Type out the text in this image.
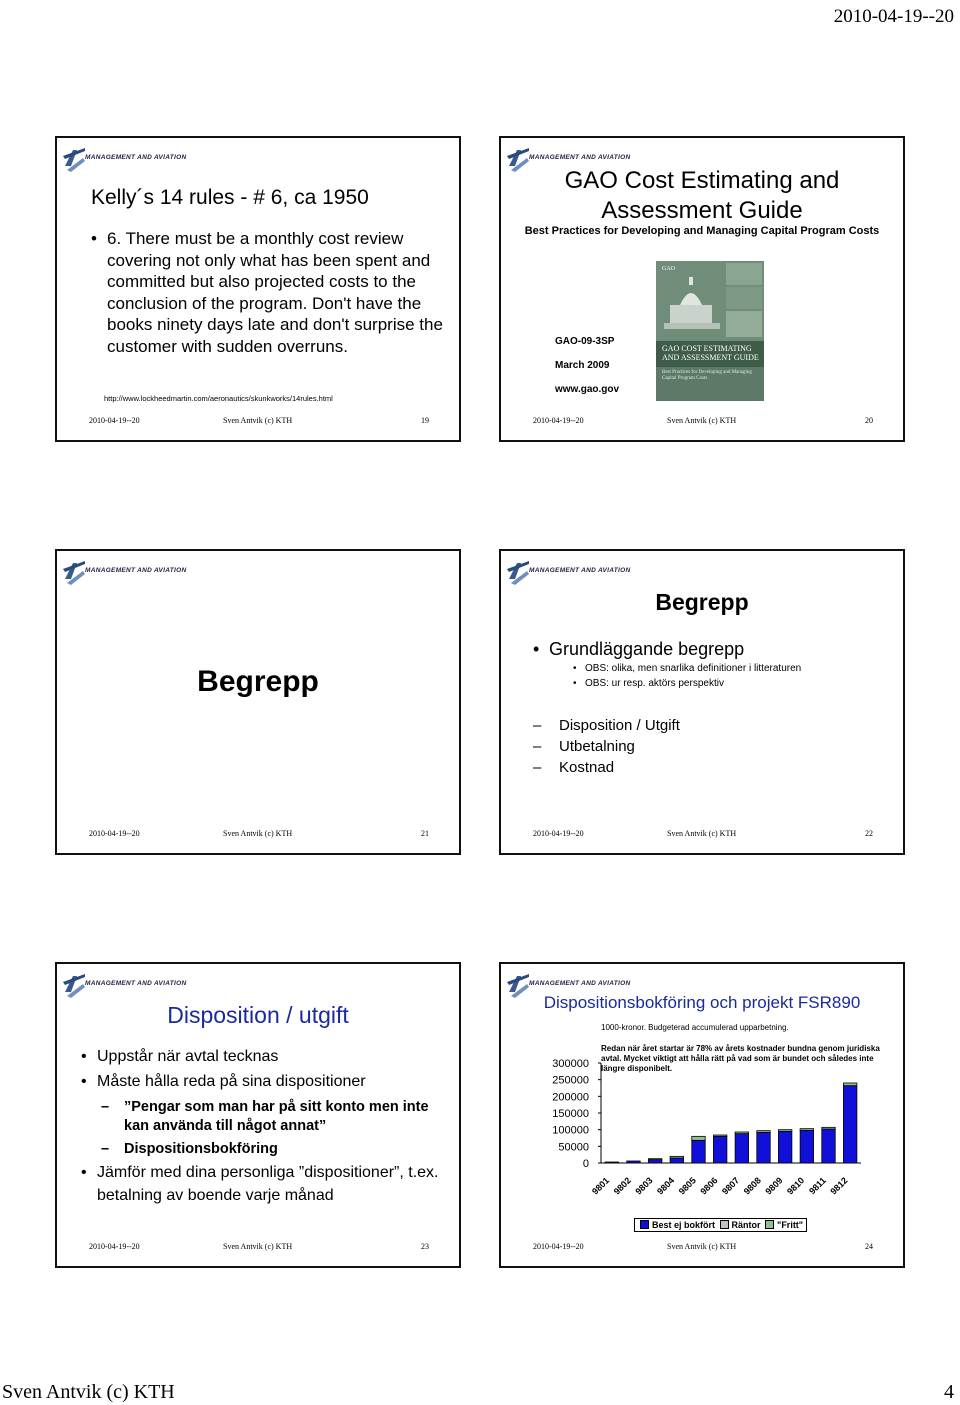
2010-04-19--20
MANAGEMENT AND AVIATION
Kelly´s 14 rules - # 6, ca 1950
• 6. There must be a monthly cost review covering not only what has been spent and committed but also projected costs to the conclusion of the program. Don't have the books ninety days late and don't surprise the customer with sudden overruns.
http://www.lockheedmartin.com/aeronautics/skunkworks/14rules.html
2010-04-19--20	Sven Antvik (c) KTH	19
MANAGEMENT AND AVIATION
GAO Cost Estimating and Assessment Guide
Best Practices for Developing and Managing Capital Program Costs
GAO-09-3SP
March 2009
www.gao.gov
GAO
GAO COST ESTIMATING AND ASSESSMENT GUIDE
Best Practices for Developing and Managing Capital Program Costs
2010-04-19--20	Sven Antvik (c) KTH	20
MANAGEMENT AND AVIATION
Begrepp
2010-04-19--20	Sven Antvik (c) KTH	21
MANAGEMENT AND AVIATION
Begrepp
• Grundläggande begrepp
• OBS: olika, men snarlika definitioner i litteraturen
• OBS: ur resp. aktörs perspektiv
– Disposition / Utgift
– Utbetalning
– Kostnad
2010-04-19--20	Sven Antvik (c) KTH	22
MANAGEMENT AND AVIATION
Disposition / utgift
• Uppstår när avtal tecknas
• Måste hålla reda på sina dispositioner
– ”Pengar som man har på sitt konto men inte kan använda till något annat”
– Dispositionsbokföring
• Jämför med dina personliga ”dispositioner”, t.ex. betalning av boende varje månad
2010-04-19--20	Sven Antvik (c) KTH	23
MANAGEMENT AND AVIATION
Dispositionsbokföring och projekt FSR890
1000-kronor. Budgeterad accumulerad upparbetning.
300000
250000
200000
150000
100000
50000
0
9801 9802 9803 9804 9805 9806 9807 9808 9809 9810 9811 9812
Redan när året startar är 78% av årets kostnader bundna genom juridiska avtal. Mycket viktigt att hålla rätt på vad som är bundet och således inte längre disponibelt.
Best ej bokfört Räntor "Fritt"
2010-04-19--20	Sven Antvik (c) KTH	24
Sven Antvik (c) KTH	4
